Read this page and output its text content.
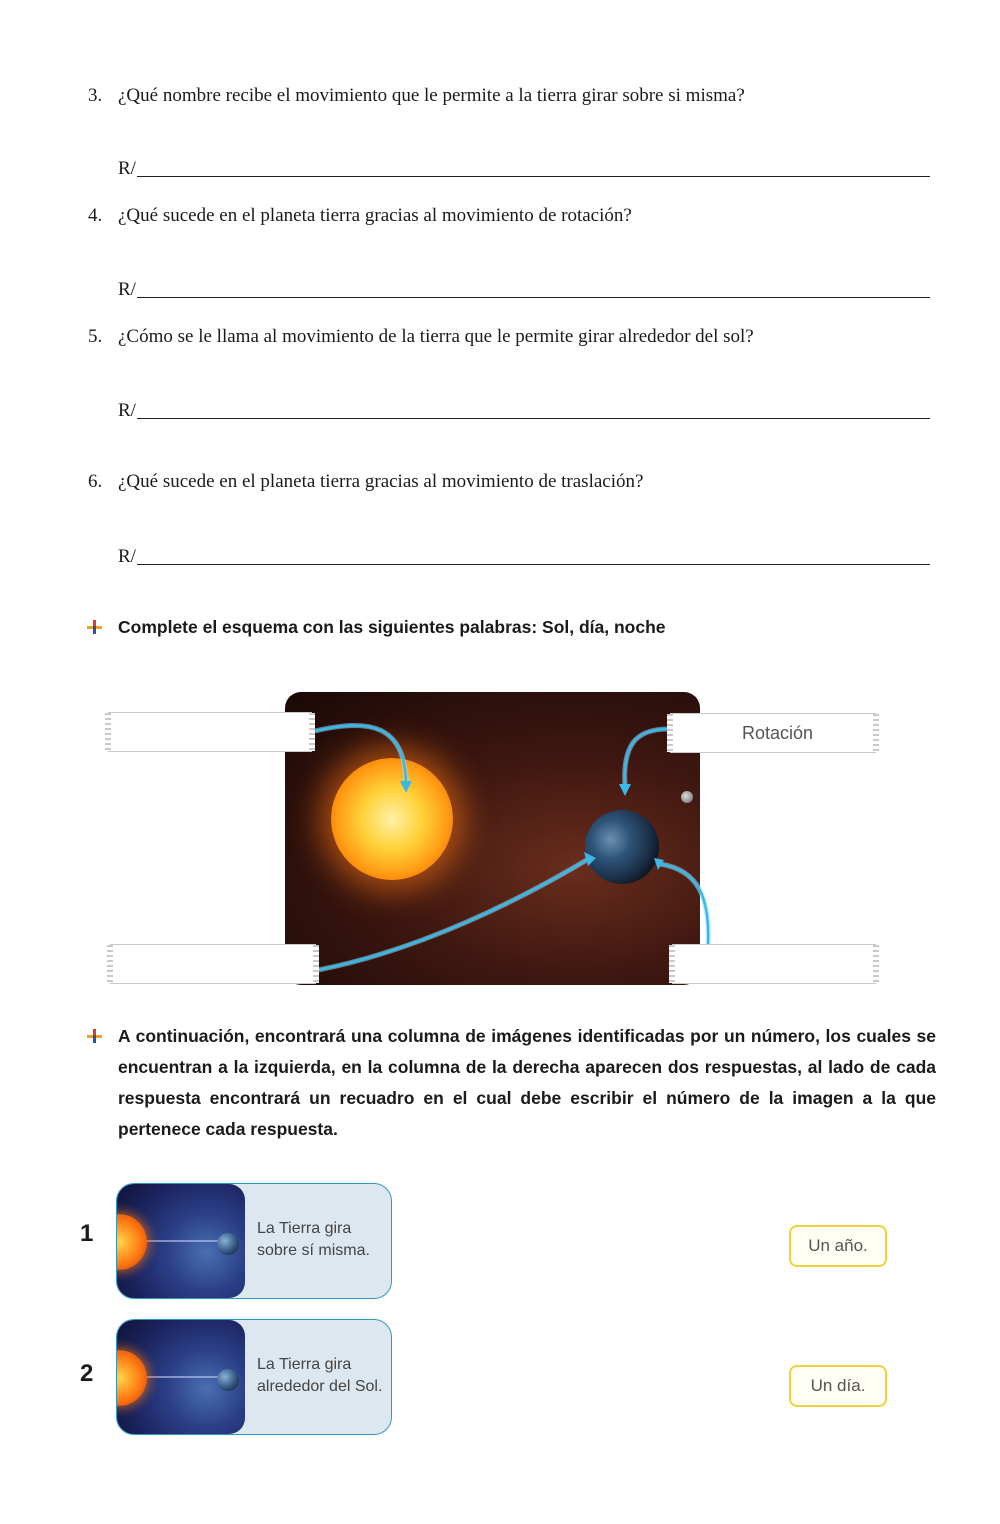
3. ¿Qué nombre recibe el movimiento que le permite a la tierra girar sobre si misma?
R/
4. ¿Qué sucede en el planeta tierra gracias al movimiento de rotación?
R/
5. ¿Cómo se le llama al movimiento de la tierra que le permite girar alrededor del sol?
R/
6. ¿Qué sucede en el planeta tierra gracias al movimiento de traslación?
R/
Complete el esquema con las siguientes palabras: Sol, día, noche
Rotación
A continuación, encontrará una columna de imágenes identificadas por un número, los cuales se encuentran a la izquierda, en la columna de la derecha aparecen dos respuestas, al lado de cada respuesta encontrará un recuadro en el cual debe escribir el número de la imagen a la que pertenece cada respuesta.
1	La Tierra gira sobre sí misma.	Un año.
2	La Tierra gira alrededor del Sol.	Un día.
